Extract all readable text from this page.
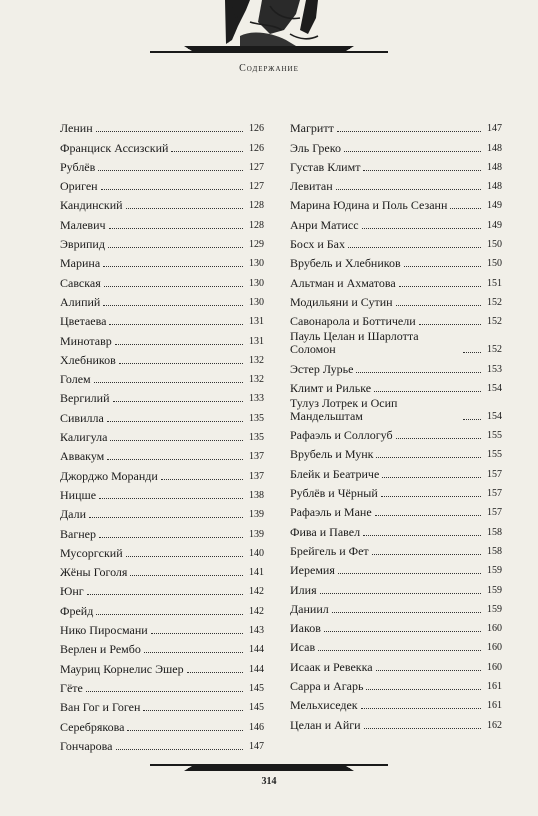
Содержание
Ленин	126
Франциск Ассизский	126
Рублёв	127
Ориген	127
Кандинский	128
Малевич	128
Эврипид	129
Марина	130
Савская	130
Алипий	130
Цветаева	131
Минотавр	131
Хлебников	132
Голем	132
Вергилий	133
Сивилла	135
Калигула	135
Аввакум	137
Джорджо Моранди	137
Ницше	138
Дали	139
Вагнер	139
Мусоргский	140
Жёны Гоголя	141
Юнг	142
Фрейд	142
Нико Пиросмани	143
Верлен и Рембо	144
Мауриц Корнелис Эшер	144
Гёте	145
Ван Гог и Гоген	145
Серебрякова	146
Гончарова	147
Магритт	147
Эль Греко	148
Густав Климт	148
Левитан	148
Марина Юдина и Поль Сезанн	149
Анри Матисс	149
Босх и Бах	150
Врубель и Хлебников	150
Альтман и Ахматова	151
Модильяни и Сутин	152
Савонарола и Боттичели	152
Пауль Целан и Шарлотта Соломон	152
Эстер Лурье	153
Климт и Рильке	154
Тулуз Лотрек и Осип Мандельштам	154
Рафаэль и Соллогуб	155
Врубель и Мунк	155
Блейк и Беатриче	157
Рублёв и Чёрный	157
Рафаэль и Мане	157
Фива и Павел	158
Брейгель и Фет	158
Иеремия	159
Илия	159
Даниил	159
Иаков	160
Исав	160
Исаак и Ревекка	160
Сарра и Агарь	161
Мельхиседек	161
Целан и Айги	162
314
